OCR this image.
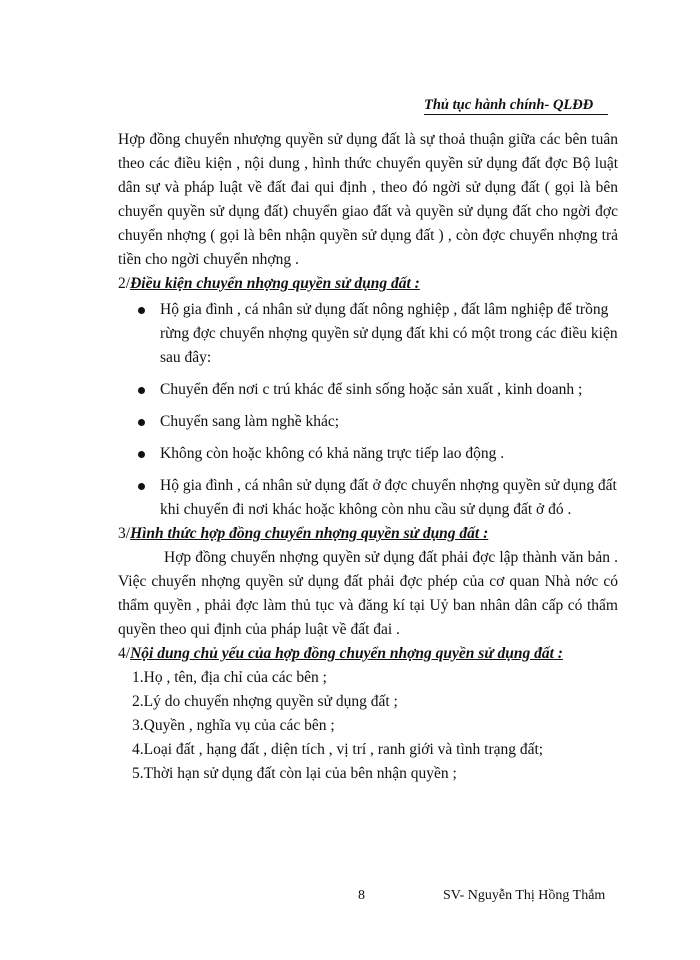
Thủ tục hành chính- QLĐĐ

Hợp đồng chuyển nhượng quyền sử dụng đất là sự thoả thuận giữa các bên tuân theo các điều kiện , nội dung , hình thức chuyển quyền sử dụng đất đợc Bộ luật dân sự và pháp luật về đất đai qui định , theo đó ngời sử dụng đất ( gọi là bên chuyển quyền sử dụng đất) chuyển giao đất và quyền sử dụng đất cho ngời đợc chuyển nhợng ( gọi là bên nhận quyền sử dụng đất ) , còn đợc chuyển nhợng trả tiền cho ngời chuyển nhợng .

2/Điều kiện chuyển nhợng quyền sử dụng đất :

Hộ gia đình , cá nhân sử dụng đất nông nghiệp , đất lâm nghiệp để trồng rừng đợc chuyển nhợng quyền sử dụng đất khi có một trong các điều kiện sau đây:
Chuyển đến nơi c trú khác để sinh sống hoặc sản xuất , kinh doanh ;
Chuyển sang làm nghề khác;
Không còn hoặc không có khả năng trực tiếp lao động .
Hộ gia đình , cá nhân sử dụng đất ở đợc chuyển nhợng quyền sử dụng đất khi chuyển đi nơi khác hoặc không còn nhu cầu sử dụng đất ở đó .

3/Hình thức hợp đồng chuyển nhợng quyền sử dụng đất :

Hợp đồng chuyển nhợng quyền sử dụng đất phải đợc lập thành văn bản . Việc chuyển nhợng quyền sử dụng đất phải đợc phép của cơ quan Nhà nớc có thẩm quyền , phải đợc làm thủ tục và đăng kí tại Uỷ ban nhân dân cấp có thẩm quyền theo qui định của pháp luật về đất đai .

4/Nội dung chủ yếu của hợp đồng chuyển nhợng quyền sử dụng đất :

1.Họ , tên, địa chỉ của các bên ;
2.Lý do chuyển nhợng quyền sử dụng đất ;
3.Quyền , nghĩa vụ của các bên ;
4.Loại đất , hạng đất , diện tích , vị trí , ranh giới và tình trạng đất;
5.Thời hạn sử dụng đất còn lại của bên nhận quyền ;
8	SV- Nguyễn Thị Hồng Thắm
